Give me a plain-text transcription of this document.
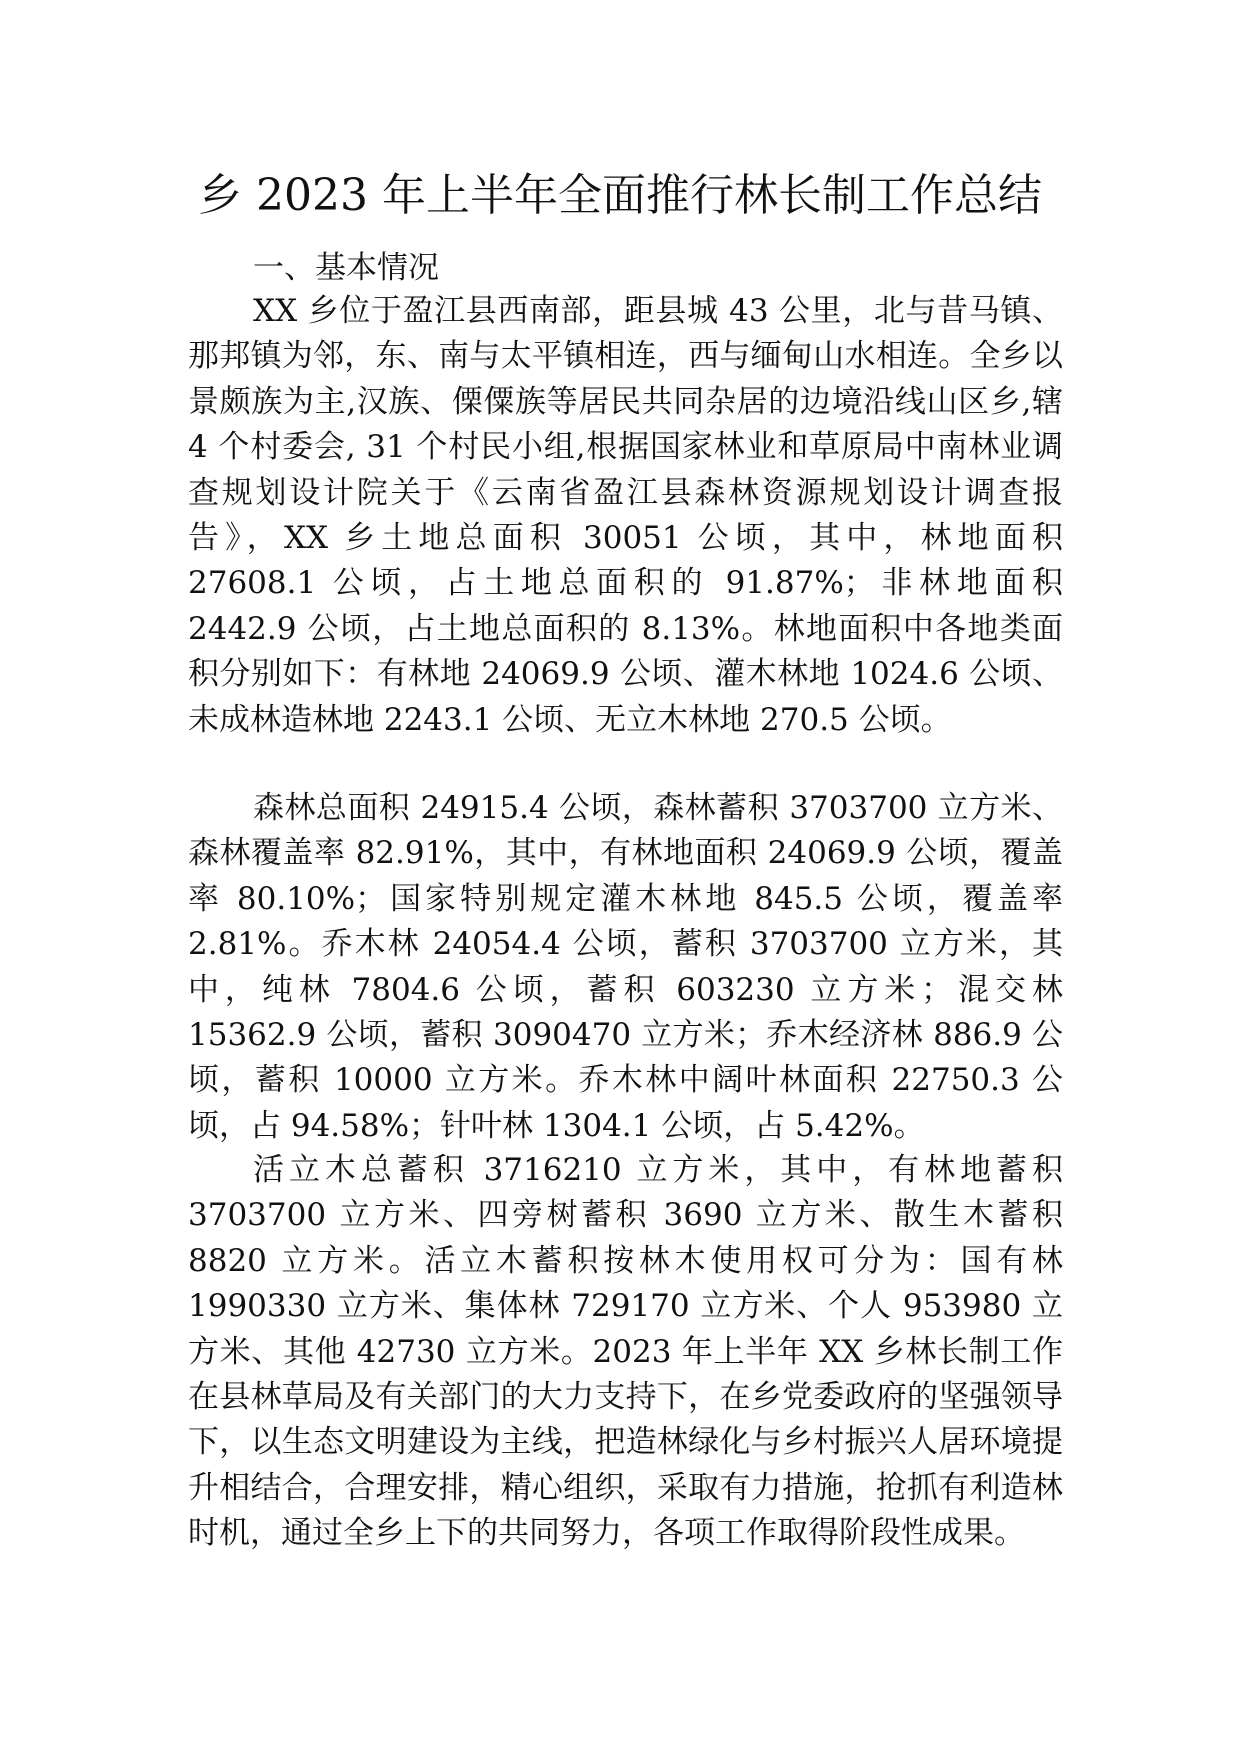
乡 2023 年上半年全面推行林长制工作总结
一、基本情况

XX 乡位于盈江县西南部，距县城 43 公里，北与昔马镇、那邦镇为邻，东、南与太平镇相连，西与缅甸山水相连。全乡以景颇族为主,汉族、傈僳族等居民共同杂居的边境沿线山区乡,辖 4 个村委会, 31 个村民小组,根据国家林业和草原局中南林业调查规划设计院关于《云南省盈江县森林资源规划设计调查报告》，XX 乡土地总面积 30051 公顷，其中，林地面积 27608.1 公顷，占土地总面积的 91.87%；非林地面积 2442.9 公顷，占土地总面积的 8.13%。林地面积中各地类面积分别如下：有林地 24069.9 公顷、灌木林地 1024.6 公顷、未成林造林地 2243.1 公顷、无立木林地 270.5 公顷。

森林总面积 24915.4 公顷，森林蓄积 3703700 立方米、森林覆盖率 82.91%，其中，有林地面积 24069.9 公顷，覆盖率 80.10%；国家特别规定灌木林地 845.5 公顷，覆盖率 2.81%。乔木林 24054.4 公顷，蓄积 3703700 立方米，其中，纯林 7804.6 公顷，蓄积 603230 立方米；混交林 15362.9 公顷，蓄积 3090470 立方米；乔木经济林 886.9 公顷，蓄积 10000 立方米。乔木林中阔叶林面积 22750.3 公顷，占 94.58%；针叶林 1304.1 公顷，占 5.42%。

活立木总蓄积 3716210 立方米，其中，有林地蓄积 3703700 立方米、四旁树蓄积 3690 立方米、散生木蓄积 8820 立方米。活立木蓄积按林木使用权可分为：国有林 1990330 立方米、集体林 729170 立方米、个人 953980 立方米、其他 42730 立方米。2023 年上半年 XX 乡林长制工作在县林草局及有关部门的大力支持下，在乡党委政府的坚强领导下，以生态文明建设为主线，把造林绿化与乡村振兴人居环境提升相结合，合理安排，精心组织，采取有力措施，抢抓有利造林时机，通过全乡上下的共同努力，各项工作取得阶段性成果。
